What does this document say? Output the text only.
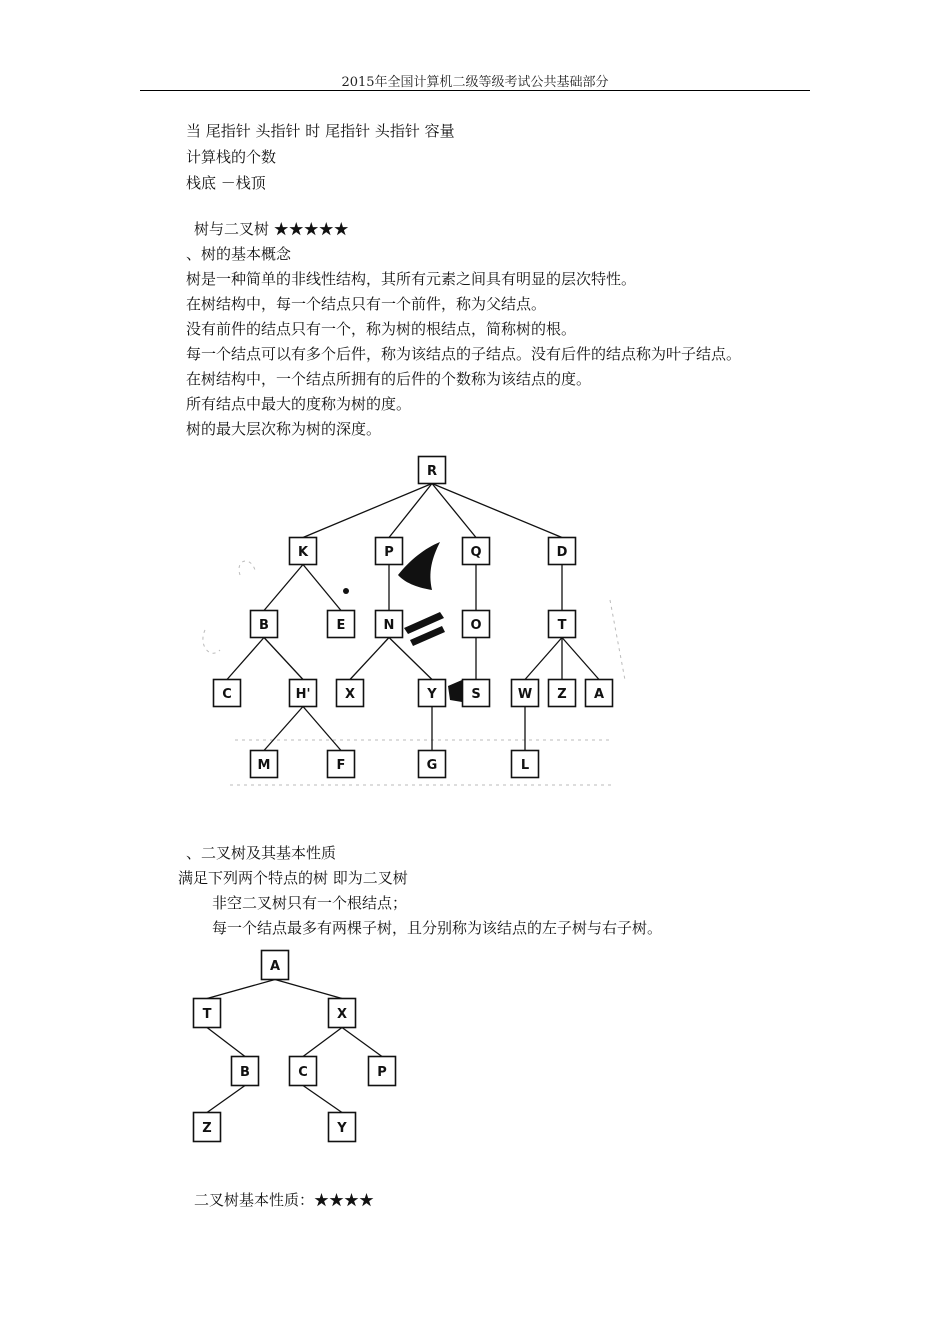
2015年全国计算机二级等级考试公共基础部分
当 尾指针 头指针 时 尾指针 头指针 容量
计算栈的个数
栈底 －栈顶
树与二叉树 ★★★★★
、树的基本概念
树是一种简单的非线性结构，其所有元素之间具有明显的层次特性。
在树结构中，每一个结点只有一个前件，称为父结点。
没有前件的结点只有一个，称为树的根结点，简称树的根。
每一个结点可以有多个后件，称为该结点的子结点。没有后件的结点称为叶子结点。
在树结构中，一个结点所拥有的后件的个数称为该结点的度。
所有结点中最大的度称为树的度。
树的最大层次称为树的深度。
R
K	P	Q	D
B	E	N	O	T
C	H'	X	Y	S	W Z A
M	F	G	L
、二叉树及其基本性质
满足下列两个特点的树 即为二叉树
非空二叉树只有一个根结点；
每一个结点最多有两棵子树，且分别称为该结点的左子树与右子树。
A
T	X
B	C	P
Z	Y
二叉树基本性质：★★★★
